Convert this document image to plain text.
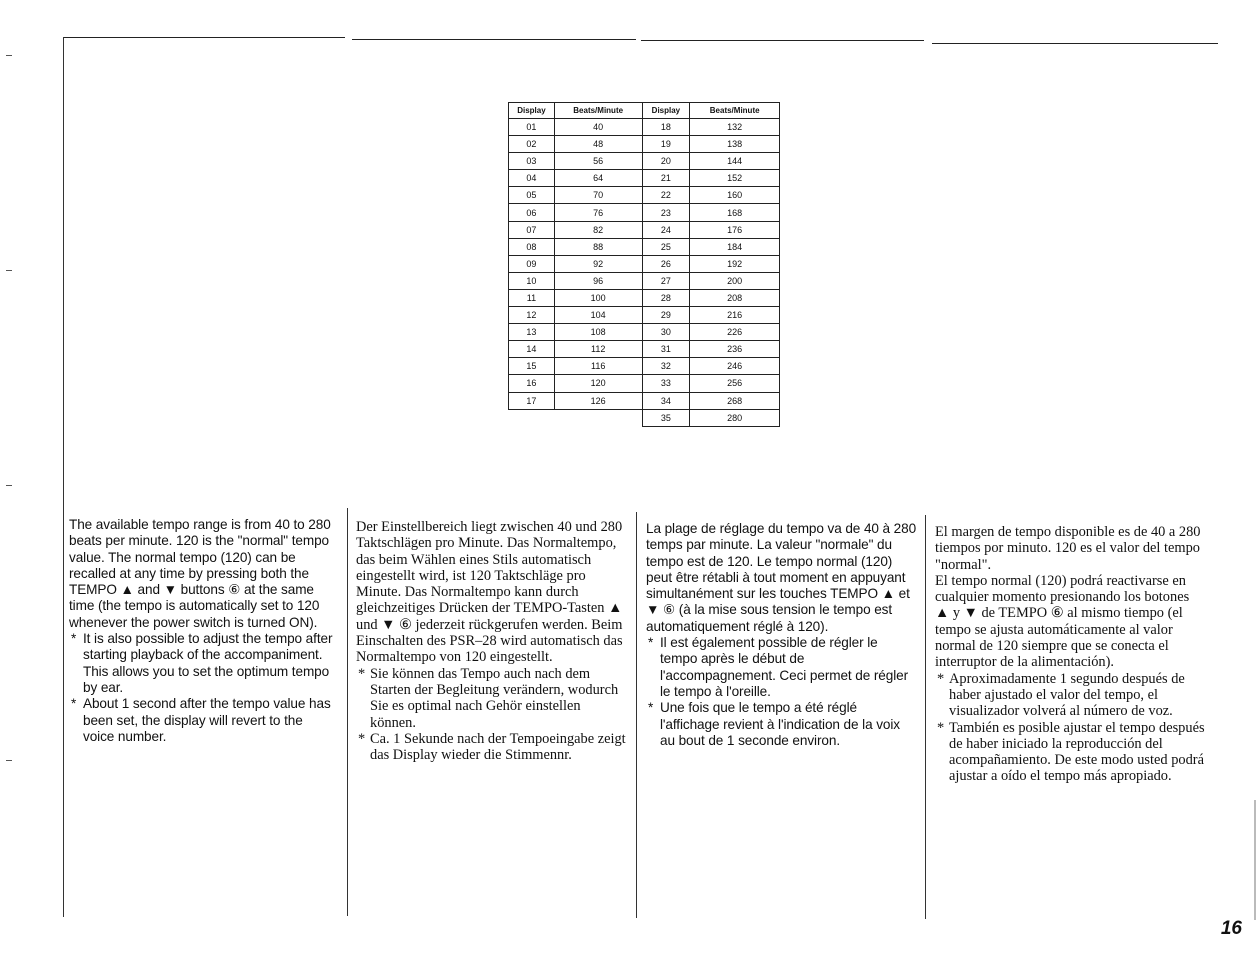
Display	Beats/Minute	Display	Beats/Minute
01	40	18	132
02	48	19	138
03	56	20	144
04	64	21	152
05	70	22	160
06	76	23	168
07	82	24	176
08	88	25	184
09	92	26	192
10	96	27	200
11	100	28	208
12	104	29	216
13	108	30	226
14	112	31	236
15	116	32	246
16	120	33	256
17	126	34	268
		35	280

The available tempo range is from 40 to 280 beats per minute. 120 is the "normal" tempo value. The normal tempo (120) can be recalled at any time by pressing both the TEMPO ▲ and ▼ buttons ⑥ at the same time (the tempo is automatically set to 120 whenever the power switch is turned ON).

* It is also possible to adjust the tempo after starting playback of the accompaniment. This allows you to set the optimum tempo by ear.

* About 1 second after the tempo value has been set, the display will revert to the voice number.

Der Einstellbereich liegt zwischen 40 und 280 Taktschlägen pro Minute. Das Normaltempo, das beim Wählen eines Stils automatisch eingestellt wird, ist 120 Taktschläge pro Minute. Das Normaltempo kann durch gleichzeitiges Drücken der TEMPO-Tasten ▲ und ▼ ⑥ jederzeit rückgerufen werden. Beim Einschalten des PSR–28 wird automatisch das Normaltempo von 120 eingestellt.

* Sie können das Tempo auch nach dem Starten der Begleitung verändern, wodurch Sie es optimal nach Gehör einstellen können.

* Ca. 1 Sekunde nach der Tempoeingabe zeigt das Display wieder die Stimmennr.

La plage de réglage du tempo va de 40 à 280 temps par minute. La valeur "normale" du tempo est de 120. Le tempo normal (120) peut être rétabli à tout moment en appuyant simultanément sur les touches TEMPO ▲ et ▼ ⑥ (à la mise sous tension le tempo est automatiquement réglé à 120).

* Il est également possible de régler le tempo après le début de l'accompagnement. Ceci permet de régler le tempo à l'oreille.

* Une fois que le tempo a été réglé l'affichage revient à l'indication de la voix au bout de 1 seconde environ.

El margen de tempo disponible es de 40 a 280 tiempos por minuto. 120 es el valor del tempo "normal".

El tempo normal (120) podrá reactivarse en cualquier momento presionando los botones ▲ y ▼ de TEMPO ⑥ al mismo tiempo (el tempo se ajusta automáticamente al valor normal de 120 siempre que se conecta el interruptor de la alimentación).

* Aproximadamente 1 segundo después de haber ajustado el valor del tempo, el visualizador volverá al número de voz.

* También es posible ajustar el tempo después de haber iniciado la reproducción del acompañamiento. De este modo usted podrá ajustar a oído el tempo más apropiado.

16
